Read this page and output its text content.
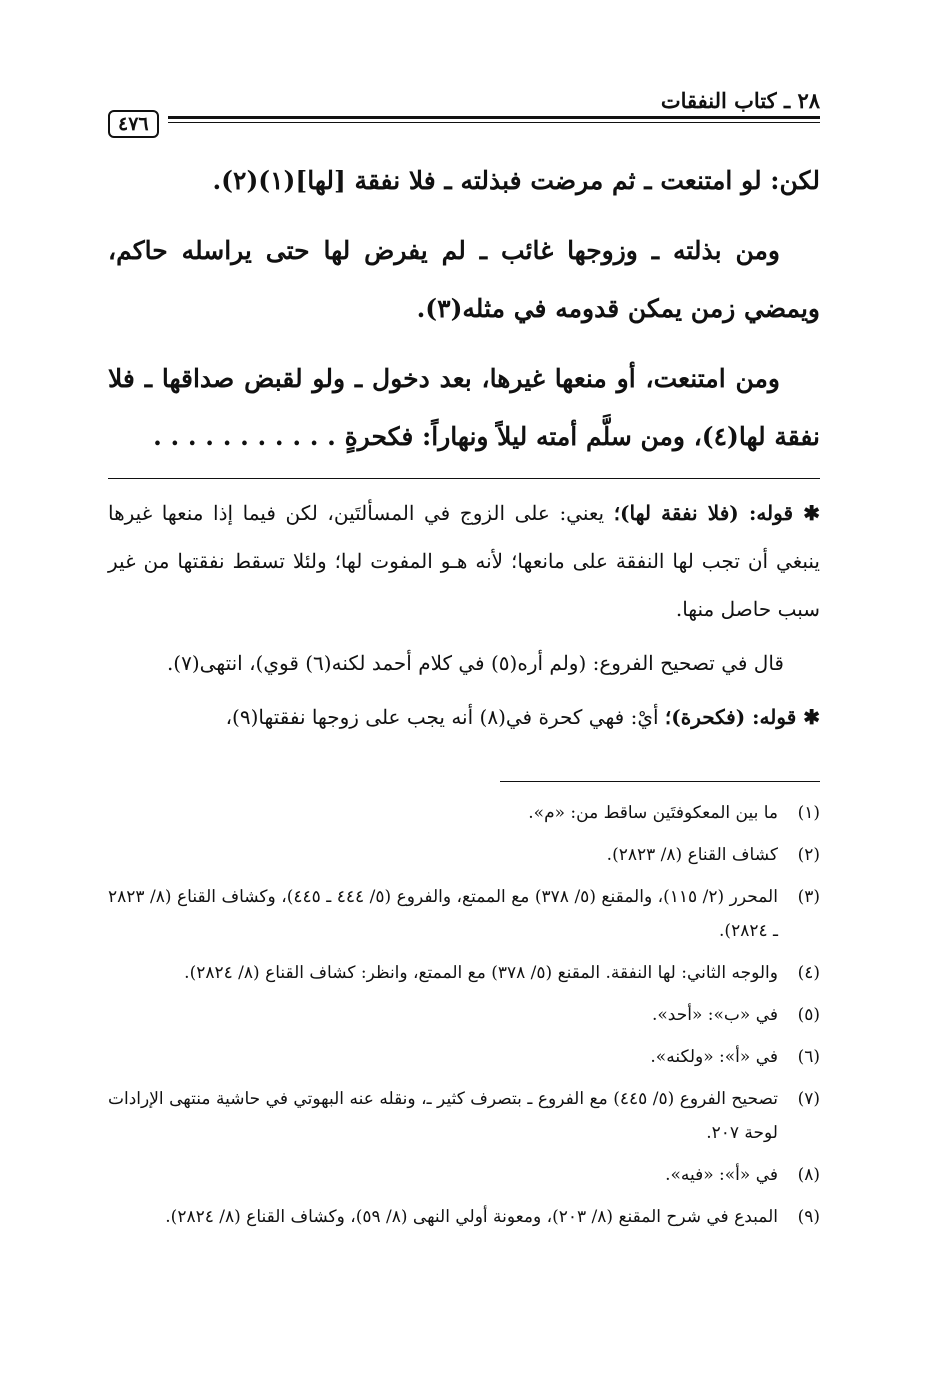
٢٨ ـ كتاب النفقات
٤٧٦

لكن: لو امتنعت ـ ثم مرضت فبذلته ـ فلا نفقة [لها](١)(٢).

ومن بذلته ـ وزوجها غائب ـ لم يفرض لها حتى يراسله حاكم، ويمضي زمن يمكن قدومه في مثله(٣).

ومن امتنعت، أو منعها غيرها، بعد دخول ـ ولو لقبض صداقها ـ فلا نفقة لها(٤)، ومن سلَّم أمته ليلاً ونهاراً: فكحرةٍ . . . . . . . . . . .

✱ قوله: (فلا نفقة لها)؛ يعني: على الزوج في المسألتَين، لكن فيما إذا منعها غيرها ينبغي أن تجب لها النفقة على مانعها؛ لأنه هـو المفوت لها؛ ولئلا تسقط نفقتها من غير سبب حاصل منها.

قال في تصحيح الفروع: (ولم أره(٥) في كلام أحمد لكنه(٦) قوي)، انتهى(٧).

✱ قوله: (فكحرة)؛ أيْ: فهي كحرة في(٨) أنه يجب على زوجها نفقتها(٩)،

(١)
ما بين المعكوفتَين ساقط من: «م».
(٢)
كشاف القناع (٨/ ٢٨٢٣).
(٣)
المحرر (٢/ ١١٥)، والمقنع (٥/ ٣٧٨) مع الممتع، والفروع (٥/ ٤٤٤ ـ ٤٤٥)، وكشاف القناع (٨/ ٢٨٢٣ ـ ٢٨٢٤).
(٤)
والوجه الثاني: لها النفقة. المقنع (٥/ ٣٧٨) مع الممتع، وانظر: كشاف القناع (٨/ ٢٨٢٤).
(٥)
في «ب»: «أحد».
(٦)
في «أ»: «ولكنه».
(٧)
تصحيح الفروع (٥/ ٤٤٥) مع الفروع ـ بتصرف كثير ـ، ونقله عنه البهوتي في حاشية منتهى الإرادات لوحة ٢٠٧.
(٨)
في «أ»: «فيه».
(٩)
المبدع في شرح المقنع (٨/ ٢٠٣)، ومعونة أولي النهى (٨/ ٥٩)، وكشاف القناع (٨/ ٢٨٢٤).
